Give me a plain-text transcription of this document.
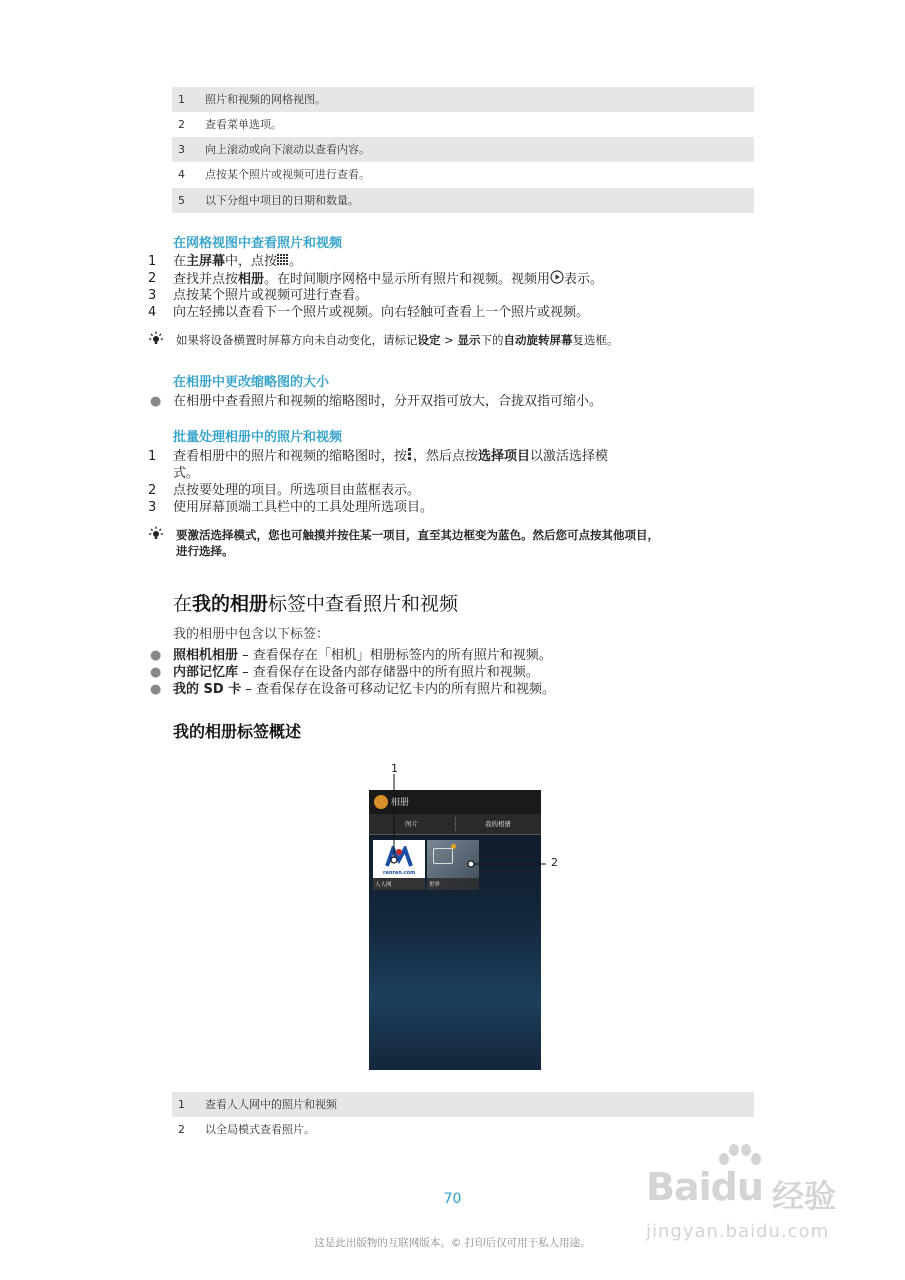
1 照片和视频的网格视图。
2 查看菜单选项。
3 向上滚动或向下滚动以查看内容。
4 点按某个照片或视频可进行查看。
5 以下分组中项目的日期和数量。
在网格视图中查看照片和视频
1	在主屏幕中，点按 。
2	查找并点按相册。在时间顺序网格中显示所有照片和视频。视频用 表示。
3	点按某个照片或视频可进行查看。
4	向左轻拂以查看下一个照片或视频。向右轻触可查看上一个照片或视频。
如果将设备横置时屏幕方向未自动变化，请标记设定 > 显示下的自动旋转屏幕复选框。
在相册中更改缩略图的大小
● 在相册中查看照片和视频的缩略图时，分开双指可放大，合拢双指可缩小。
批量处理相册中的照片和视频
1	查看相册中的照片和视频的缩略图时，按 ，然后点按选择项目以激活选择模
式。
2	点按要处理的项目。所选项目由蓝框表示。
3	使用屏幕顶端工具栏中的工具处理所选项目。
要激活选择模式，您也可触摸并按住某一项目，直至其边框变为蓝色。然后您可点按其他项目，
进行选择。
在我的相册标签中查看照片和视频
我的相册中包含以下标签：
● 照相机相册 – 查看保存在「相机」相册标签内的所有照片和视频。
● 内部记忆库 – 查看保存在设备内部存储器中的所有照片和视频。
● 我的 SD 卡 – 查看保存在设备可移动记忆卡内的所有照片和视频。
我的相册标签概述
相册
图片	我的相册
renren.com
人人网	世界
1
2
1 查看人人网中的照片和视频
2 以全局模式查看照片。
70
这是此出版物的互联网版本。© 打印后仅可用于私人用途。
Baidu 经验
jingyan.baidu.com
